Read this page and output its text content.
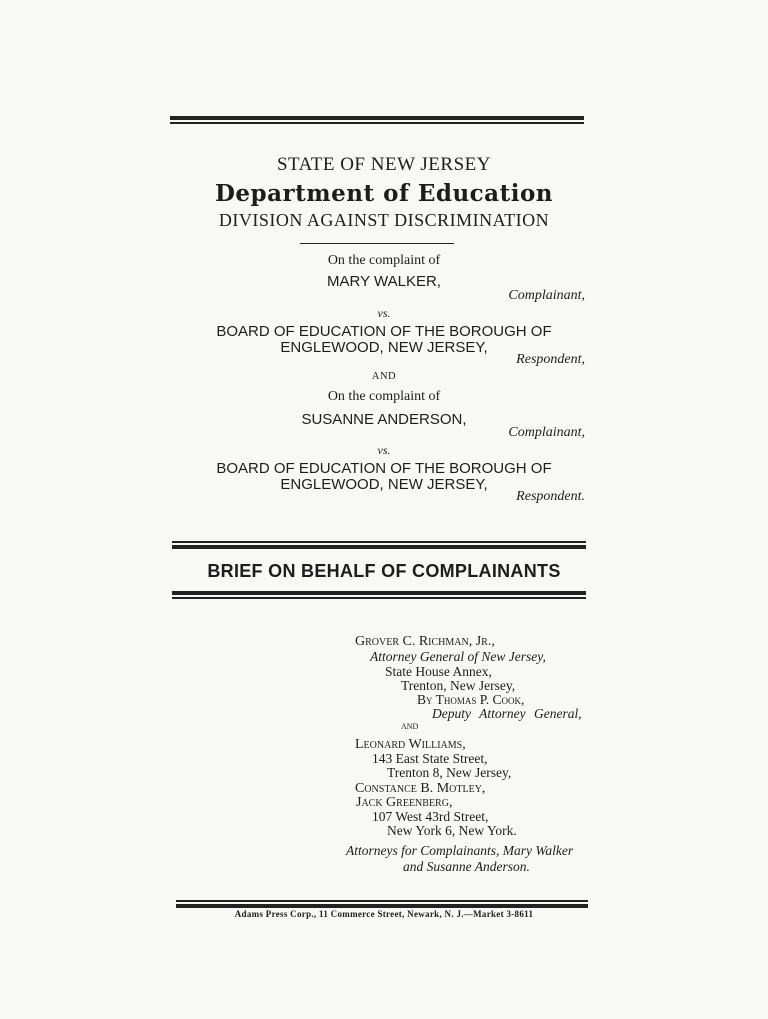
STATE OF NEW JERSEY
Department of Education
DIVISION AGAINST DISCRIMINATION
On the complaint of
MARY WALKER,
Complainant,
vs.
BOARD OF EDUCATION OF THE BOROUGH OF
ENGLEWOOD, NEW JERSEY,
Respondent,
AND
On the complaint of
SUSANNE ANDERSON,
Complainant,
vs.
BOARD OF EDUCATION OF THE BOROUGH OF
ENGLEWOOD, NEW JERSEY,
Respondent.
BRIEF ON BEHALF OF COMPLAINANTS
Grover C. Richman, Jr.,
Attorney General of New Jersey,
State House Annex,
Trenton, New Jersey,
By Thomas P. Cook,
Deputy Attorney General,
and
Leonard Williams,
143 East State Street,
Trenton 8, New Jersey,
Constance B. Motley,
Jack Greenberg,
107 West 43rd Street,
New York 6, New York.
Attorneys for Complainants, Mary Walker
and Susanne Anderson.
Adams Press Corp., 11 Commerce Street, Newark, N. J.—Market 3-8611
